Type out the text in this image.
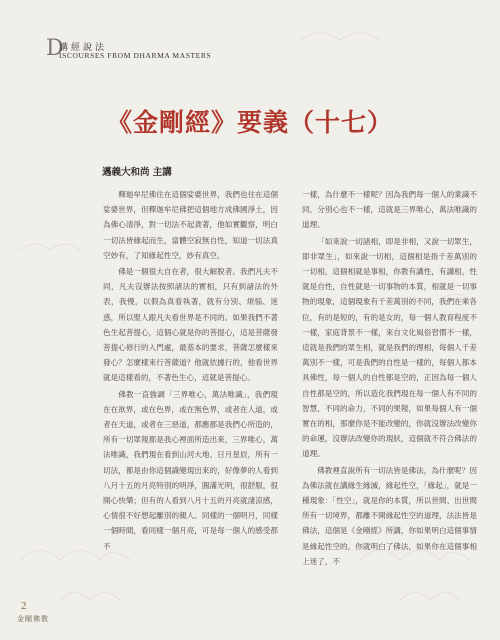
D
講經說法
ISCOURSES FROM DHARMA MASTERS
《金剛經》要義（十七）
邁義大和尚 主講

釋迦牟尼佛住在這個娑婆世界，我們也住在這個娑婆世界，但釋迦牟尼佛把這個地方成佛國淨土，因為佛心清淨，對一切法不起貪著，他如實觀察，明白一切法皆緣起而生，當體空寂無自性，知道一切法真空妙有，了知緣起性空，妙有真空。

佛是一個很大自在者，很大解脫者。我們凡夫不同，凡夫沒辦法按照諸法的實相，只有到諸法的外表，我慢，以假為真看執著，就有分別、煩惱、迷惑，所以聖人跟凡夫看世界是不同的。如果我們不著色生起菩提心，這個心就是你的菩提心，這是菩薩發菩提心修行的入門處，最基本的要求，菩薩怎麼樣來發心？怎麼樣來行菩薩道？他就依據行的，他看世界就是這樣看的，不著色生心，這就是菩提心。

佛教一直強調「三界唯心，萬法唯識」，我們現在在欲界，或在色界，或在無色界，或者在人道，或者在天道，或者在三惡道，都應都是我們心所造的，所有一切眾報都是我心裡面所造出來，三界唯心，萬法唯識，我們現在看到山河大地、日月星辰，所有一切法，都是由你這個識變現出來的，好像夢的人看到八月十五的月亮特別的明淨，圓滿光明，很舒服，很開心快樂；但有的人看到八月十五的月亮就淒涼感，心情很不好想起離別的親人。同樣的一個明月，同樣一個時間，看同樣一個月亮，可是每一個人的感受都不

一樣，為什麼不一樣呢？因為我們每一個人的業識不同，分別心也不一樣，這就是三界唯心，萬法唯識的道理。

「如來說一切諸相，即是非相，又說一切眾生，即非眾生」，如來說一切相，這個相是指千差萬別的一切相，這個相就是事相，你教有講性，有講相，性就是自性，自性就是一切事物的本質，相就是一切事物的現象，這個現象有千差萬別的不同，我們在乘各位，有的是短的，有的是女的，每一個人教育程度不一樣，家庭背景不一樣，來自文化風俗習慣不一樣，這就是我們的眾生相，就是我們的理相，每個人千差萬別不一樣，可是我們的自性是一樣的，每個人都本具佛性，每一個人的自性都是空的，正因為每一個人自性都是空的，所以造化我們現在每一個人有不同的智慧，不同的命力，不同的果報，如果每個人有一個實在的相，那麼你是不能改變的，你就沒辦法改變你的命運，沒辦法改變你的現狀，這個就不符合佛法的道理。

佛教裡直說所有一切法皆是佛法，為什麼呢？因為佛法就在講緣生緣滅，緣起性空，「緣起」，就是一種現象：「性空」，就是你的本質，所以世間、出世間所有一切境界，都離不開緣起性空的道理，法法皆是佛法，這個是《金剛經》所講，你如果明白這個事情是緣起性空的，你就明白了佛法，如果你在這個事相上迷了，不

2
金剛佛教
